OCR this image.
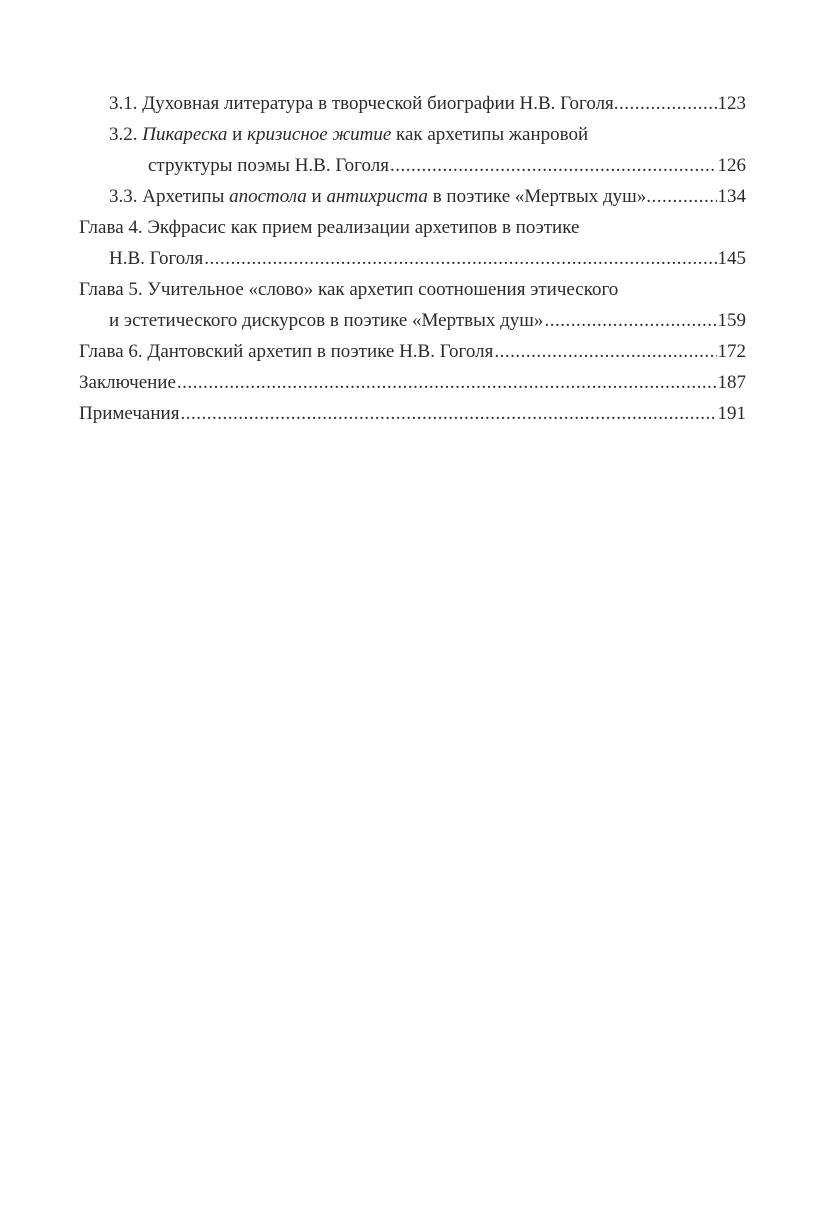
3.1. Духовная литература в творческой биографии Н.В. Гоголя .....	123
3.2. Пикареска и кризисное житие как архетипы жанровой
структуры поэмы Н.В. Гоголя .....	126
3.3. Архетипы апостола и антихриста в поэтике «Мертвых душ» .....	134
Глава 4. Экфрасис как прием реализации архетипов в поэтике
Н.В. Гоголя .....	145
Глава 5. Учительное «слово» как архетип соотношения этического
и эстетического дискурсов в поэтике «Мертвых душ» .....	159
Глава 6. Дантовский архетип в поэтике Н.В. Гоголя .....	172
Заключение .....	187
Примечания .....	191
